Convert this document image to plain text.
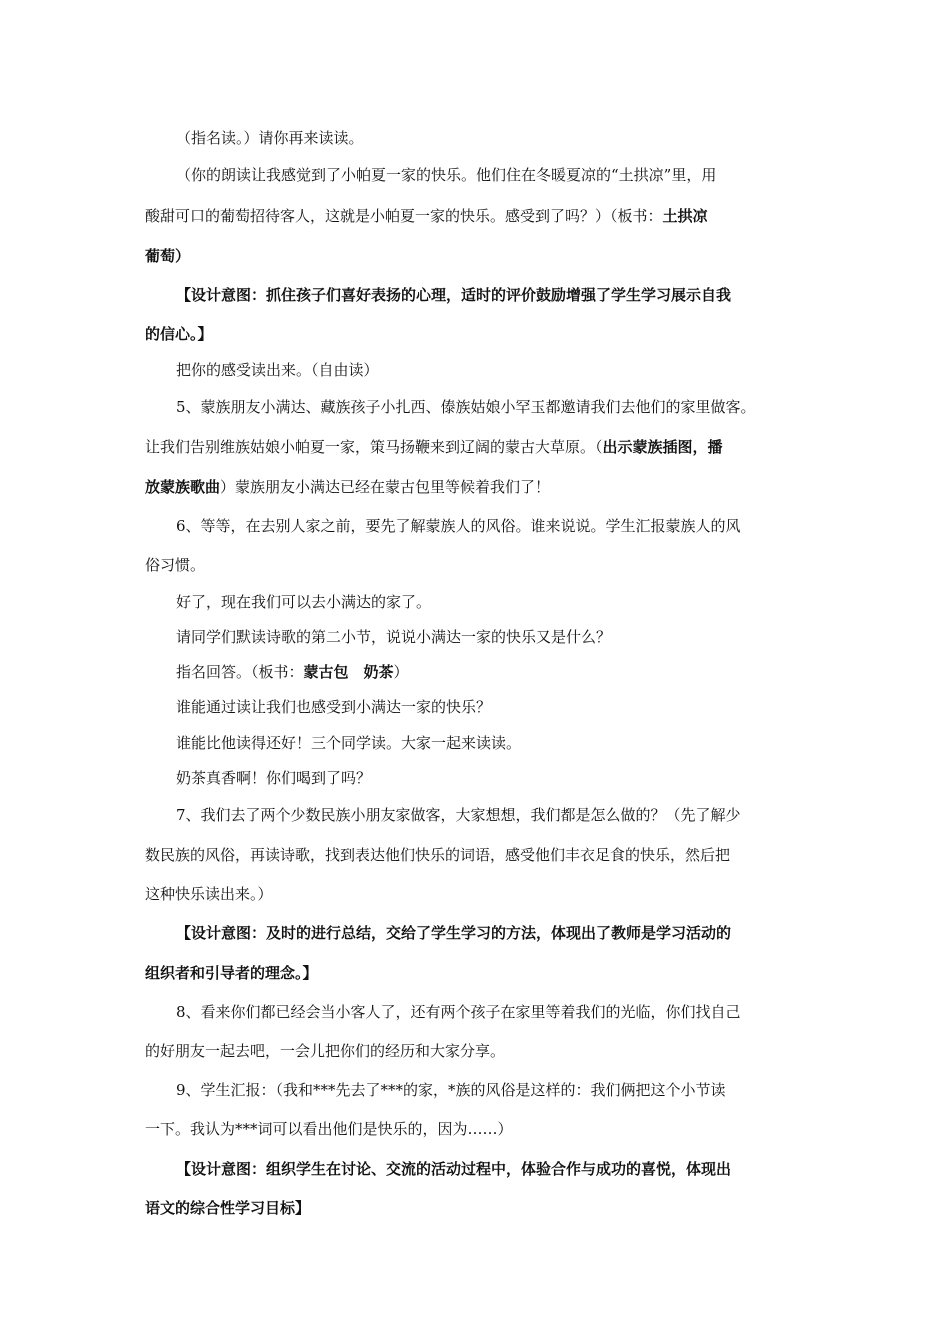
（指名读。）请你再来读读。
（你的朗读让我感觉到了小帕夏一家的快乐。他们住在冬暖夏凉的“土拱凉”里，用
酸甜可口的葡萄招待客人，这就是小帕夏一家的快乐。感受到了吗？）（板书：土拱凉
葡萄）
【设计意图：抓住孩子们喜好表扬的心理，适时的评价鼓励增强了学生学习展示自我
的信心。】
把你的感受读出来。（自由读）
5、蒙族朋友小满达、藏族孩子小扎西、傣族姑娘小罕玉都邀请我们去他们的家里做客。
让我们告别维族姑娘小帕夏一家，策马扬鞭来到辽阔的蒙古大草原。（出示蒙族插图，播
放蒙族歌曲）蒙族朋友小满达已经在蒙古包里等候着我们了！
6、等等，在去别人家之前，要先了解蒙族人的风俗。谁来说说。学生汇报蒙族人的风
俗习惯。
好了，现在我们可以去小满达的家了。
请同学们默读诗歌的第二小节，说说小满达一家的快乐又是什么？
指名回答。（板书：蒙古包　奶茶）
谁能通过读让我们也感受到小满达一家的快乐？
谁能比他读得还好！三个同学读。大家一起来读读。
奶茶真香啊！你们喝到了吗？
7、我们去了两个少数民族小朋友家做客，大家想想，我们都是怎么做的？（先了解少
数民族的风俗，再读诗歌，找到表达他们快乐的词语，感受他们丰衣足食的快乐，然后把
这种快乐读出来。）
【设计意图：及时的进行总结，交给了学生学习的方法，体现出了教师是学习活动的
组织者和引导者的理念。】
8、看来你们都已经会当小客人了，还有两个孩子在家里等着我们的光临，你们找自己
的好朋友一起去吧，一会儿把你们的经历和大家分享。
9、学生汇报：（我和***先去了***的家，*族的风俗是这样的：我们俩把这个小节读
一下。我认为***词可以看出他们是快乐的，因为……）
【设计意图：组织学生在讨论、交流的活动过程中，体验合作与成功的喜悦，体现出
语文的综合性学习目标】
